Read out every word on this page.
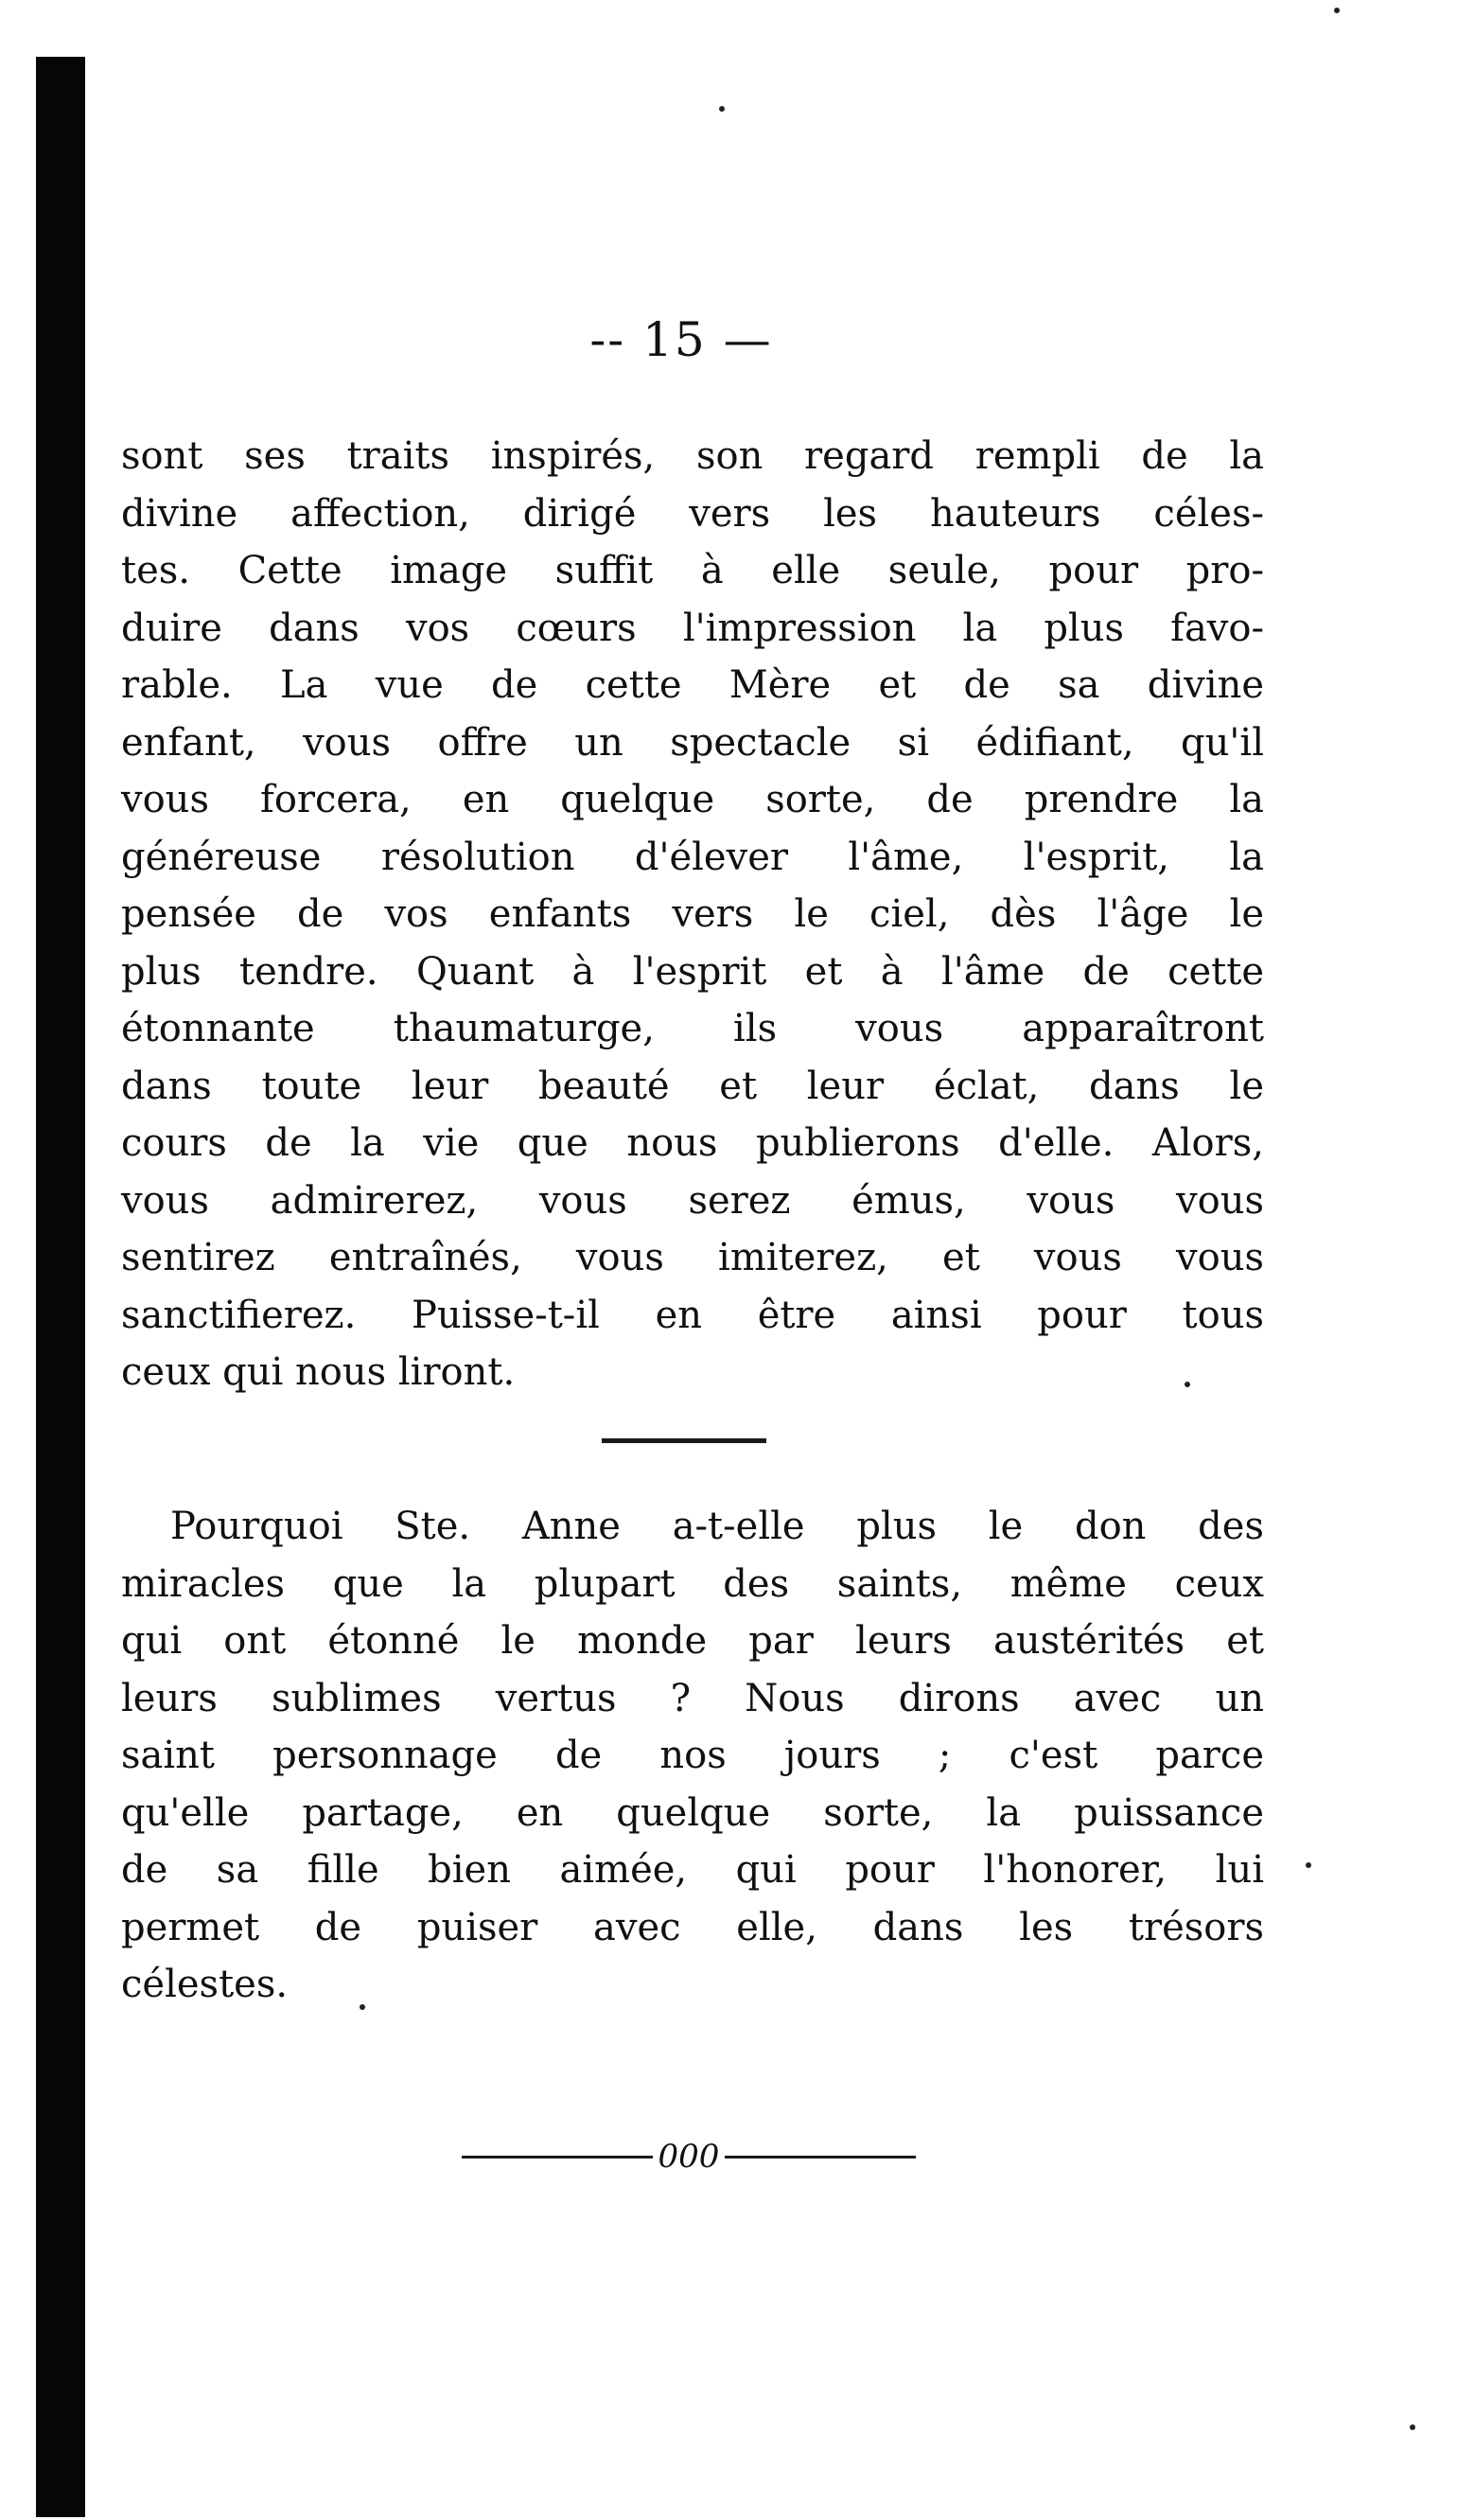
-- 15 —
sont ses traits inspirés, son regard rempli de la
divine affection, dirigé vers les hauteurs céles-
tes. Cette image suffit à elle seule, pour pro-
duire dans vos cœurs l'impression la plus favo-
rable. La vue de cette Mère et de sa divine
enfant, vous offre un spectacle si édifiant, qu'il
vous forcera, en quelque sorte, de prendre la
généreuse résolution d'élever l'âme, l'esprit, la
pensée de vos enfants vers le ciel, dès l'âge le
plus tendre. Quant à l'esprit et à l'âme de cette
étonnante thaumaturge, ils vous apparaîtront
dans toute leur beauté et leur éclat, dans le
cours de la vie que nous publierons d'elle. Alors,
vous admirerez, vous serez émus, vous vous
sentirez entraînés, vous imiterez, et vous vous
sanctifierez. Puisse-t-il en être ainsi pour tous
ceux qui nous liront.
Pourquoi Ste. Anne a-t-elle plus le don des
miracles que la plupart des saints, même ceux
qui ont étonné le monde par leurs austérités et
leurs sublimes vertus ? Nous dirons avec un
saint personnage de nos jours ; c'est parce
qu'elle partage, en quelque sorte, la puissance
de sa fille bien aimée, qui pour l'honorer, lui
permet de puiser avec elle, dans les trésors
célestes.
000
